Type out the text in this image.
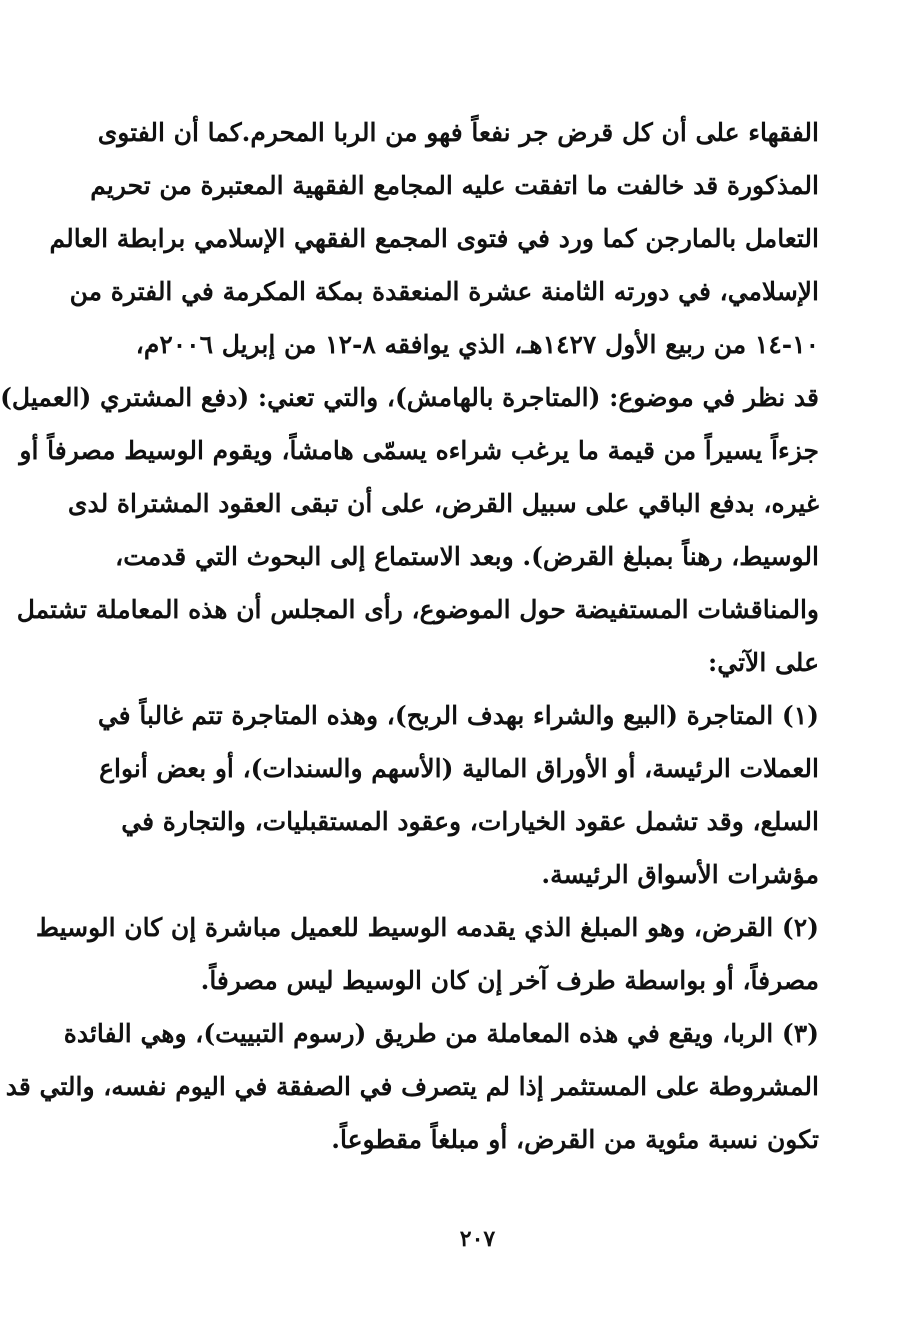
الفقهاء على أن كل قرض جر نفعاً فهو من الربا المحرم.كما أن الفتوى
المذكورة قد خالفت ما اتفقت عليه المجامع الفقهية المعتبرة من تحريم
التعامل بالمارجن كما ورد في فتوى المجمع الفقهي الإسلامي برابطة العالم
الإسلامي، في دورته الثامنة عشرة المنعقدة بمكة المكرمة في الفترة من
١٠-١٤ من ربيع الأول ١٤٢٧هـ، الذي يوافقه ٨-١٢ من إبريل ٢٠٠٦م،
قد نظر في موضوع: (المتاجرة بالهامش)، والتي تعني: (دفع المشتري (العميل)
جزءاً يسيراً من قيمة ما يرغب شراءه يسمّى هامشاً، ويقوم الوسيط مصرفاً أو
غيره، بدفع الباقي على سبيل القرض، على أن تبقى العقود المشتراة لدى
الوسيط، رهناً بمبلغ القرض). وبعد الاستماع إلى البحوث التي قدمت،
والمناقشات المستفيضة حول الموضوع، رأى المجلس أن هذه المعاملة تشتمل
على الآتي:
(١) المتاجرة (البيع والشراء بهدف الربح)، وهذه المتاجرة تتم غالباً في
العملات الرئيسة، أو الأوراق المالية (الأسهم والسندات)، أو بعض أنواع
السلع، وقد تشمل عقود الخيارات، وعقود المستقبليات، والتجارة في
مؤشرات الأسواق الرئيسة.
(٢) القرض، وهو المبلغ الذي يقدمه الوسيط للعميل مباشرة إن كان الوسيط
مصرفاً، أو بواسطة طرف آخر إن كان الوسيط ليس مصرفاً.
(٣) الربا، ويقع في هذه المعاملة من طريق (رسوم التبييت)، وهي الفائدة
المشروطة على المستثمر إذا لم يتصرف في الصفقة في اليوم نفسه، والتي قد
تكون نسبة مئوية من القرض، أو مبلغاً مقطوعاً.
٢٠٧
